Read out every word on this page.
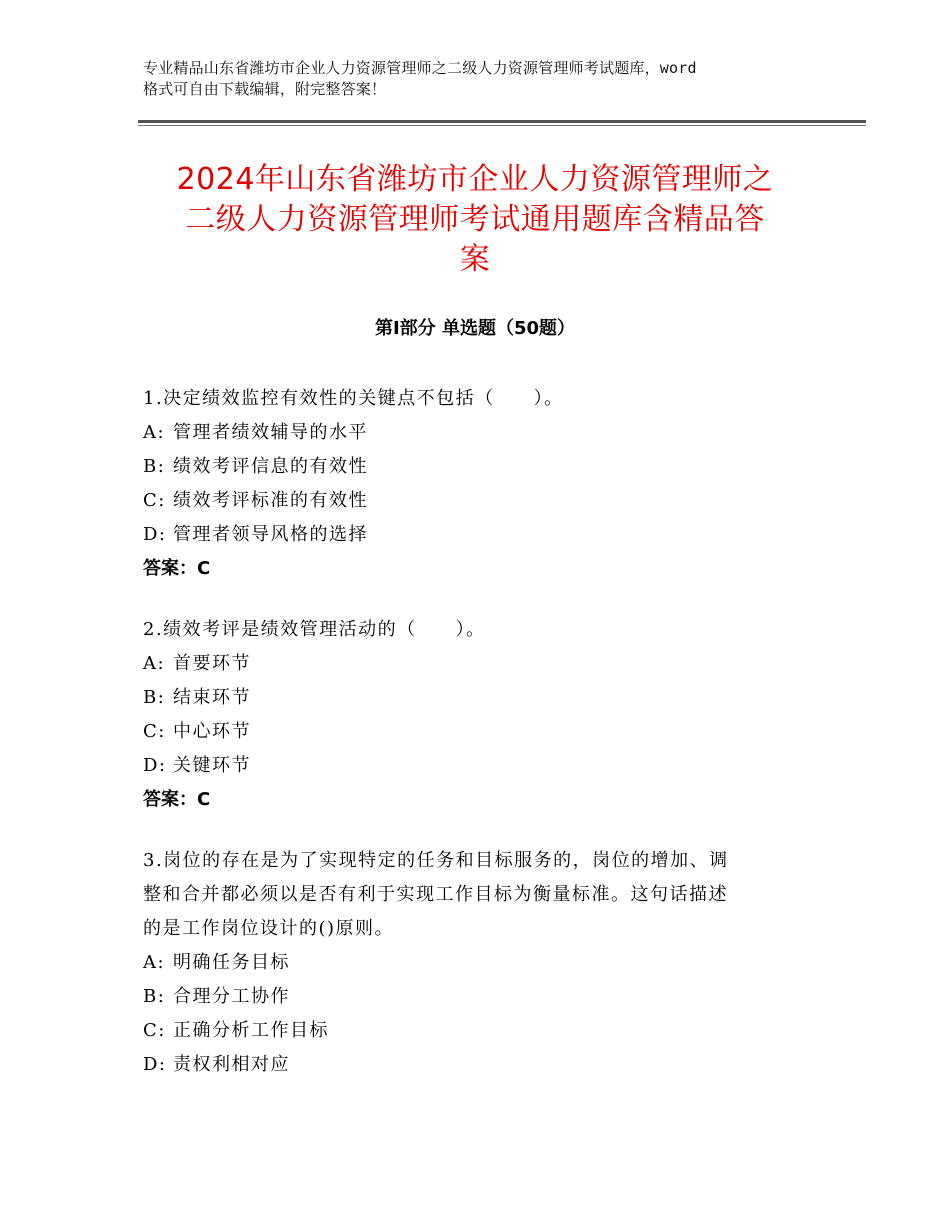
专业精品山东省潍坊市企业人力资源管理师之二级人力资源管理师考试题库，word
格式可自由下载编辑，附完整答案！
2024年山东省潍坊市企业人力资源管理师之
二级人力资源管理师考试通用题库含精品答
案
第Ⅰ部分 单选题（50题）
1.决定绩效监控有效性的关键点不包括（　　）。
A: 管理者绩效辅导的水平
B: 绩效考评信息的有效性
C: 绩效考评标准的有效性
D: 管理者领导风格的选择
答案：C
2.绩效考评是绩效管理活动的（　　）。
A: 首要环节
B: 结束环节
C: 中心环节
D: 关键环节
答案：C
3.岗位的存在是为了实现特定的任务和目标服务的，岗位的增加、调
整和合并都必须以是否有利于实现工作目标为衡量标准。这句话描述
的是工作岗位设计的()原则。
A: 明确任务目标
B: 合理分工协作
C: 正确分析工作目标
D: 责权利相对应
